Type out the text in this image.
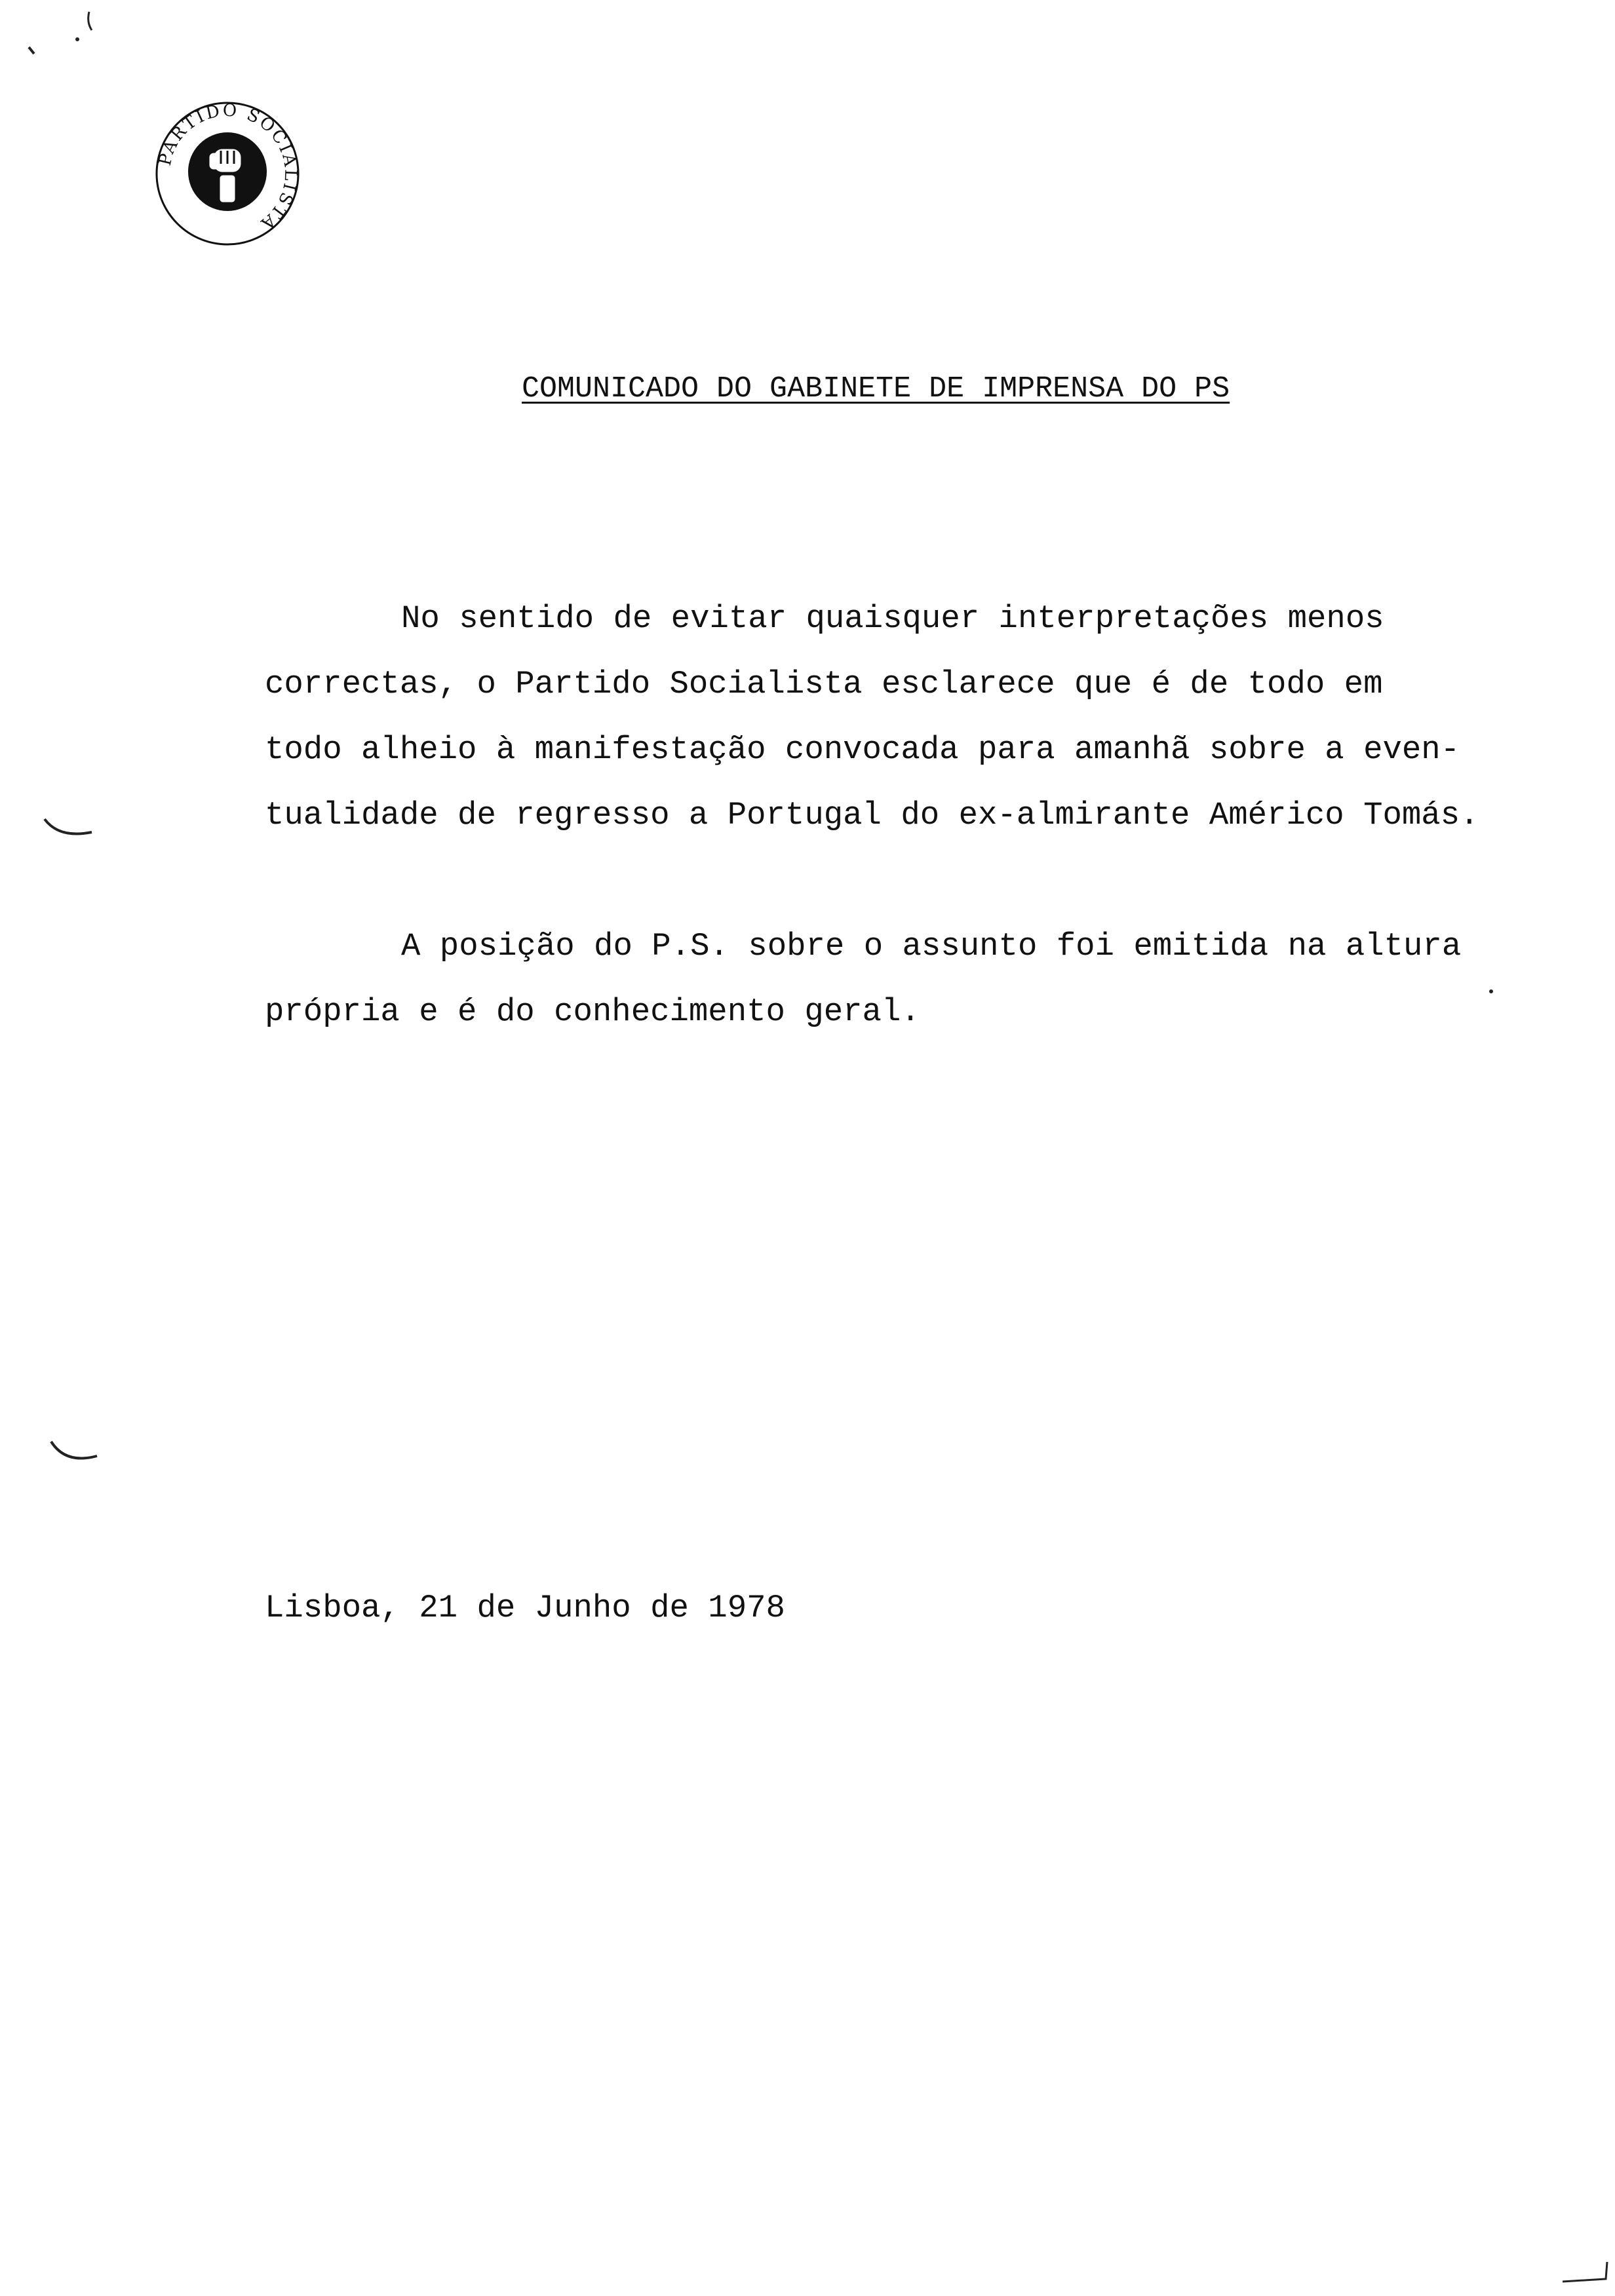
PARTIDO SOCIALISTA
COMUNICADO DO GABINETE DE IMPRENSA DO PS
No sentido de evitar quaisquer interpretações menos
correctas, o Partido Socialista esclarece que é de todo em
todo alheio à manifestação convocada para amanhã sobre a even-
tualidade de regresso a Portugal do ex-almirante Américo Tomás.
A posição do P.S. sobre o assunto foi emitida na altura
própria e é do conhecimento geral.
Lisboa, 21 de Junho de 1978
